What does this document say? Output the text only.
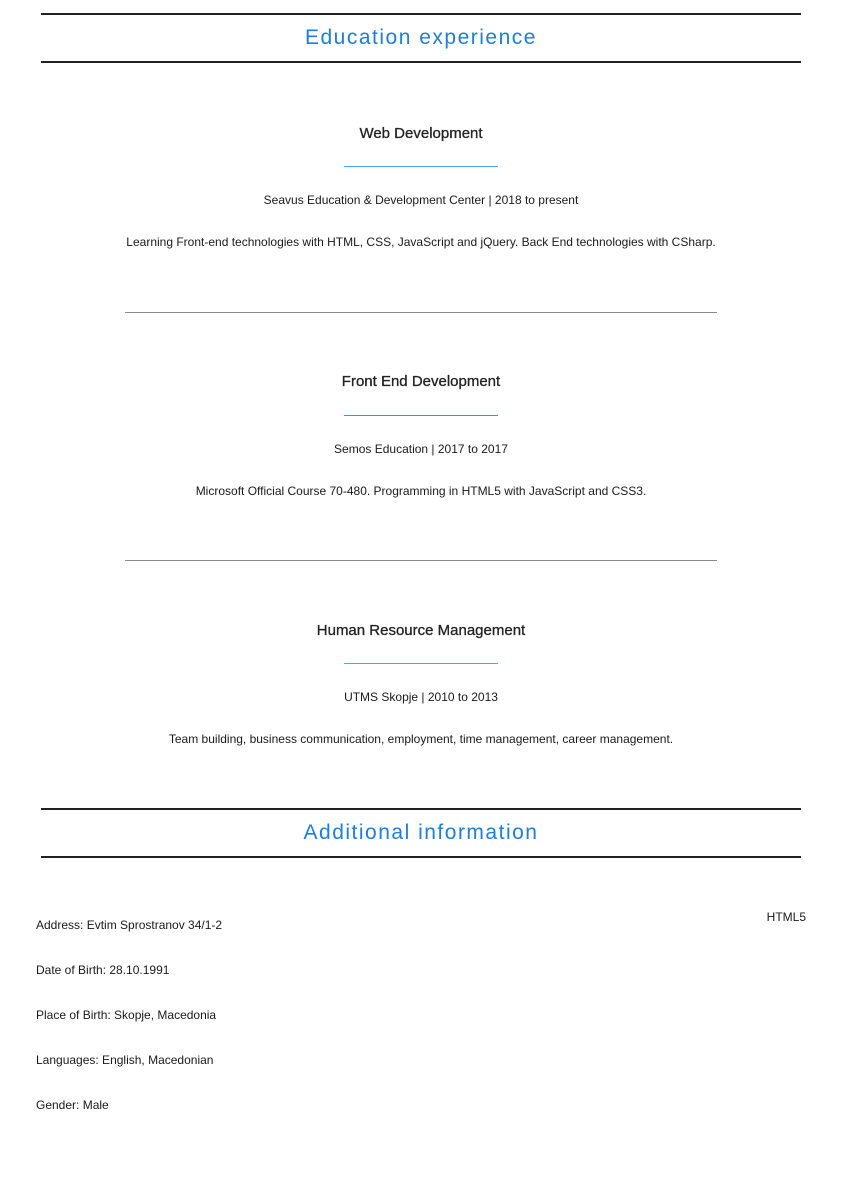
Education experience
Web Development

Seavus Education & Development Center | 2018 to present

Learning Front-end technologies with HTML, CSS, JavaScript and jQuery. Back End technologies with CSharp.

Front End Development

Semos Education | 2017 to 2017

Microsoft Official Course 70-480. Programming in HTML5 with JavaScript and CSS3.

Human Resource Management

UTMS Skopje | 2010 to 2013

Team building, business communication, employment, time management, career management.

Additional information

Address: Evtim Sprostranov 34/1-2

Date of Birth: 28.10.1991

Place of Birth: Skopje, Macedonia

Languages: English, Macedonian

Gender: Male

HTML5
